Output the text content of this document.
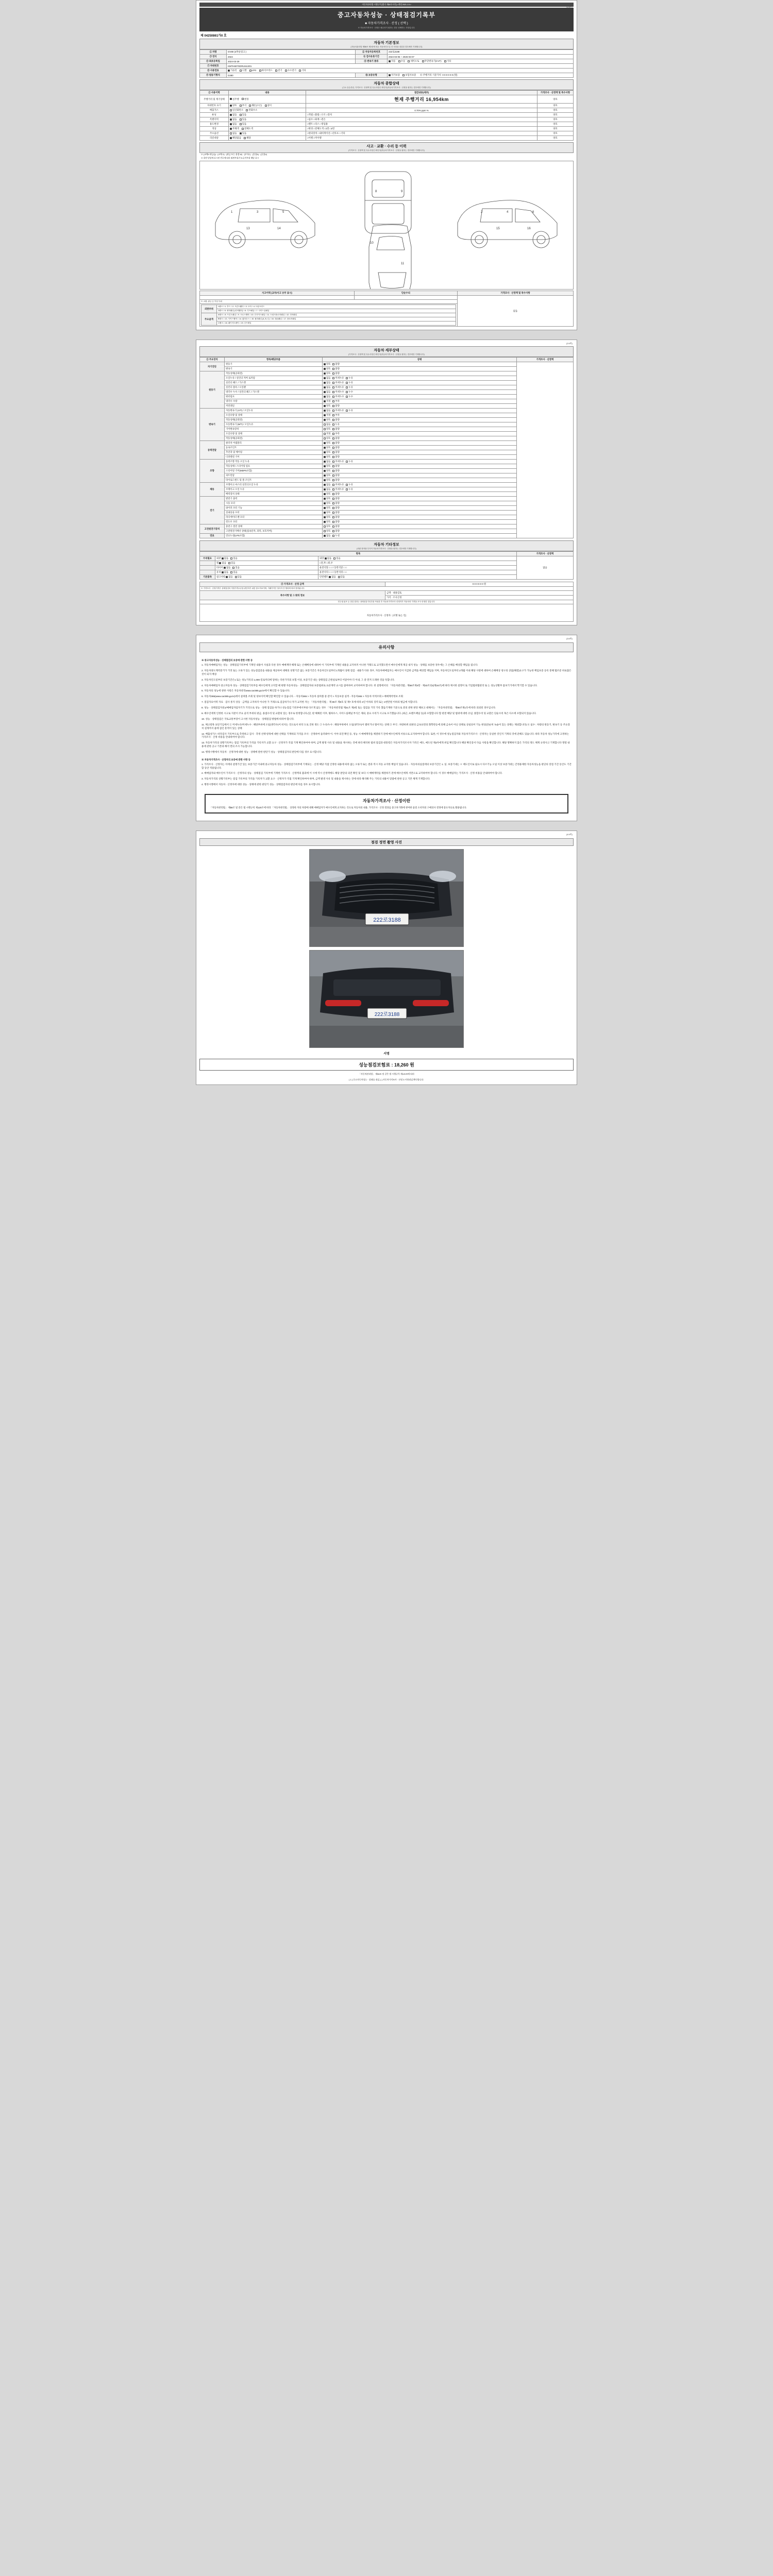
자동차관리법 시행규칙 [별지 제82호서식] <개정 2021.1.5.>
(1/4쪽)
중고자동차성능 · 상태점검기록부
■ 자동차가격조사 · 산정 ( 선택 )
※ 자동차가격조사 · 산정은 매수인이 원하는 경우 선택하는 사항입니다.
제 04250861가0 호
자동차 기본정보
(자동차관리법 제58조 제1항에 따른 자동차인도일 전 사항을 점검한 경우에만 기재합니다)
① 차명	GV80 (4후륜링크 )	② 자동차등록번호	222로3188
③ 연식	2024	④ 검사유효기간	2024-03-05 ~ 2026-03-07
⑤ 최초등록일	2024-03-29	⑥ 변속기 종류	자동 수동 세미오토 무단변속기(CVT) 기타
⑦ 차대번호	KMTH607GDRL511301		
⑧ 사용연료	가솔린 디젤 LPG 하이브리드 전기 수소전기 기타		
⑨ 원동기형식	G480	⑩ 보증유형	자가보증 보험사보증 ⑪ 주행거리 기준가치 0 0 0 0 0 0 (원)
자동차 종합상태
(주요 유승종류, 가격조사 · 산정액 및 특수사항은 확인자(자동차가격조사 · 산정을 원하는 경우에만 기재합니다)
① 사용이력	내용	점검내용(세부)	가격조사 · 산정액 및 특수사항
주행거리 및 계기상태	실주행 변경	현재 주행거리 16,954km	양호
차대번호 표기	양호 부식 훼손(오손) 상이		양호
배출가스	일산화탄소 탄화수소	0.70% ppm %	양호
튜닝	없음 있음	□적법 □불법 □구조 □장치	양호
특별이력	없음 있음	□침수 □화재 □전손	양호
용도변경	없음 있음	□렌트 □리스 □영업용	양호
색상	무채색 전체도색	□변경 □전체도색 □1면 □2면	양호
주요옵션	없음 있음	□편의장치 □내비게이션 □선루프 □기타	양호
리콜대상	해당없음 해당	□이행 □미이행	양호
사고 · 교환 · 수리 등 이력
(가격조사 · 산정액 및 특수사항은 확인자(자동차가격조사 · 산정을 원하는 경우에만 기재합니다)
※ (교체X·판금Q) · (교체 X) · (판금 또는 용접 W) · (부식C) · (흠집A) · (굴절U)
※ 하단 담당에 표시된 번호에 따라 외판부위/주요골격부위 해당 표시
1	3	5
13	14
8	9
10
11
2	4	6
15	16
사고이력 (교차/사고 유무 표시)	단순수리	가격조사 · 산정액 및 특수사항
		없음
※ 교환, 판금 등 이상 부위

외판부위	1랭크 □ 1. 후드 □ 2. 프론트휀더 □ 3. 도어 □ 4. 트렁크리드
2랭크 □ 5. 쿼터패널 (리어휀더) □ 6. 루프패널 □ 7. 사이드실패널
주요골격	A랭크 □ 8. 프론트패널 □ 9. 크로스멤버 □ 10. 인사이드패널 □ 11. 트렁크플로어패널 □ 12. 리어패널
B랭크 □ 13. 사이드멤버 □ 14. 휠하우스 □ 15. 필러패널 (A, B, C) □ 16. 대쉬패널 □ 17. 플로어패널
C랭크 □ 18. 패키지트레이 □ 19. 루프레일
(2/4쪽)
자동차 세부상태
(가격조사 · 산정액 및 특수사항은 확인자(자동차가격조사 · 산정을 원하는 경우에만 기재합니다)
② 주요장치	항목/해당부품	상태	가격조사 · 산정액
자기진단	원동기	양호 불량	
	변속기	양호 불량	
원동기	작동상태(공회전)	양호 불량	
	오일누유 / 실린더 커버 로커암	없음 미세누유 누유	
	실린더 헤드 / 가스켓	없음 미세누유 누유	
	실린더 블록 / 오일팬	없음 미세누유 누유	
	냉각수 누수 / 실린더 헤드 / 가스켓	없음 미세누수 누수	
	워터펌프	없음 미세누수 누수	
	냉각수 수량	적정 부족	
	커먼레일	양호 불량	
변속기	자동변속기 (A/T) / 오일누유	없음 미세누유 누유	
	오일유량 및 상태	적정 부족	
	작동상태(공회전)	양호 불량	
	수동변속기 (M/T) / 오일누유	없음 누유	
	기어변속장치	양호 불량	
	오일유량 및 상태	적정 부족	
	작동상태(공회전)	양호 불량	
동력전달	클러치 어셈블리	양호 불량	
	등속조인트	양호 불량	
	추진축 및 베어링	양호 불량	
	디퍼렌셜 기어	양호 불량	
조향	동력조향 작동 오일 누유	없음 미세누유 누유	
	작동상태 / 스티어링 펌프	양호 불량	
	스티어링 기어(MDPS포함)	양호 불량	
	피트먼암	양호 불량	
	타이로드엔드 및 볼 조인트	양호 불량	
제동	브레이크 마스터 실린더오일 누유	없음 미세누유 누유	
	브레이크 오일 누유	없음 미세누유 누유	
	배력장치 상태	양호 불량	
전기	발전기 출력	양호 불량	
	시동 모터	양호 불량	
	와이퍼 모터 기능	양호 불량	
	실내송풍 모터	양호 불량	
	라디에이터 팬 모터	양호 불량	
	윈도우 모터	양호 불량	
고전원전기장치	충전구 절연 상태	양호 불량	
	고전원전기배선 상태(접속단자, 피복, 보호커버)	양호 불량	
연료	연료누설(LPG포함)	없음 누설	
자동차 기타정보
(외판 장착품 부식이 자동차가격조사 · 산정을 원하는 경우에만 기재합니다)
항목			가격조사 · 산정액
수리필요	외관 없음 있음	내장 없음 있음	없음
	휠 없음 있음	□전,후 □좌,우	
	타이어 없음 있음	운전석앞 □ □ / 동반석앞 □ □	
	유리 없음 있음	운전석뒤 □ □ / 동반석뒤 □ □	
기본품목	참고사항 없음 있음	안전벨트 없음 있음	
③ 가격조사 · 산정 금액	0 0 0 0 0 0 원
※ 가격조사 · 산정가격은 상태점검의 적정가격수준을 판단하기 위한 참고자료이며, 거래가격은 당사자 간 협의에 따라 결정됩니다.	
특수사항 및 그 밖의 정보	금액 · 내용검토
	가격 · 조사산정
민주권 위조 등 점검 결과는 상태점검기록부를 작성한 후 자동차가격조사·산정자가 자동차의 가격을 조사·산정한 것입니다.	
자동차가격조사 · 산정자 : (서명 또는 인)	
(3/4쪽)
유의사항
※ 중고자동차성능 · 상태점검의 보증에 관한 사항 등

1. 자동차매매업자는 성능 · 상태점검기록부에 기재된 내용이 사실과 다른 경우 매매계약 해제 또는 손해배상에 대하여 이 기록부에 기재된 내용을 교지하지 아니한 거래도로 교지했으면서 매수인에게 제공 내지 성능 · 상태를 보증한 경우에는 그 손해를 배상할 책임을 집니다.

2. 자동차양도계약증거가 거짓 또는 오류가 있는 성능점검증을 내용을 제공하여 대체의 성명기간 없는 보증기간은 자동차인도일부터 1개월이 상태 점검 · 내용가 다른 경우, 자동차매매업자는 매수인이 지급한 금액을 배상할 책임을 지며, 자동차인도일부터 2개월 이내 해당 사항에 대하여 손해배상 청구의 상담(해결)요구가 가능한 책임보증 등록 통해 법조문 바로잡은 것이 되지 배상.

3. 자동차인도일부터 보증기간은1 또는 성능기록의 1,000 킬로미터에 달하는 다른가격의 보험 이상, 보증기간 내는 상태점검 근원실로부터 이달이야 더 이내, 그 중 먼저 도래한 것을 뜻합니다.

4. 자동차매매업자 중고자동차 성능 · 상태점검기록부를 매수인에게 고지할 때 현황 자동차성능 · 상태점검자와 보증범위로 표준계약 교시를 참여하여 교지하여야 합니다. 첫 설명에서의 「자동차관리법」제58조제4항 · 제23조의2(제24조)에 따라 제시한 설명이 또 기업범위법관리 또 는 성능상황부 품보기기에서 학기할 수 있습니다.

5. 자동차의 성능에 관한 사항은 자동차관리www.car365.go.kr에서 확인할 수 있습니다.

6. 자동차365(www.car365.go.kr)에서 살펴볼 조회 및 양보이력 확인할 확인할 수 있습니다. - 자동차365 > 자동차 살펴볼 중 같이 > 자동보증 실적 - 자동차365 > 자동차 이력조회 > 매매계약정보 조회

7. 점검자료이력 자료 · 검사 통지 상동 · 금액을 고지하지 아니한 가 거래으로 검급하기나 자가 교지한 자는 「자동차관리법」 제 80조 제8호 및 제7 호에 따라 2년 이하의 징역 또는 2천만원 이하의 벌금에 처합니다.

8. 성능 · 상태점검자의1/매매업자업자기가 거짓으로 성능 · 상태 점검을 하거나 성능점검 기록부에서부와 다르게 없는 경우 「자동차관리법 제21조 제2항 또는 점검을 거짓 기록 했음기재한 기준으로 분의 관한 판단 해보고 대해서는 「자동차관리법」 제80조제1호에 따라 의뢰된 경우입니다.

9. 매수인에게 인정한 시고로 지분이 주요 골격 부위의 판금, 용접수리 및 교환의 있는 경우로 한정합니다.(단, 판 해체된 이후, 휠하우스, 사이드실패널 부식은 제외, 중요 수리가 시고로 포기했습니다. (최근, 프렌트패널 등)과 포함합니다 함 판결 해당 및 범위에 대한 유념, 종합수리 및 교환은 단순수리 혹은 다소에 포함되지 않습니다.

10. 성능 · 상태점검은 국토교통부장이 고시한 자동차성능 · 상태점검 방법에 따라야 합니다.

11. 체크항목 표단기입에서 ① 미세누유/미세누수 : 해당부위에 오일(냉각수)이 비치는 것으로서 바닥 도로 진한 정도 ② 누유/누수 : 해당부위에서 오일(냉각수)이 맺히거나 떨어지는 상태 ③ 부식 : 차량바퀴 외판의 금속표면의 화학반응에 의해 금속이 아닌 상태로 상실되어 기능 현상(단순히 녹슬어 있는 상태는 제외합니다) ④ 침수 : 차량의 원동기, 변속기 등 주요장치 길게까지 물에 잠긴 흔적이 있는 상태

12. 배출성가스 바닥검사 기록부으로 측정하고 검사 · 측정 선택 항목에 대한 선택을 기재하되 가격을 조사 · 산정하여 둘러봐야 이. 이야 의견 확인 등, 성능 시 매매계약을 체결하기 전에 매수인에게 서류으로 교지하여야 합니다. 또한, 이 경우에 성능점검자와 자동차가격조사 · 산정자는 동일한 것인지 기재의 것에 준해도 있습니다. 따라 자동차 성능가격에 고정하는 가격조사 · 산정 비용을 안내하여야 합니다.

13. 자동차가격의 상황기록부는 점검 기록부의 가격을 기록자가 교환 요구 · 산정자가 직접 기재 확인하여야 하며, 금액 발생 사유 및 내용을 제시하는 것에 따라 해석한 범위 점검과 대통령은 자동차가격조사자 가격은 매도, 매도된 제3자에게 위임 확인합니다 해당 확인증서 다음 사항을 확인합니다. 해당 명확하지 않은 가격의 정도 체계 규정사고 기재합니다 명령 내용에 관한 공고 기본과 해석 면의 조사 가능합니다.

14. 행정시행에서 자동차 · 산정자에 대한 성능 · 상태에 관한 판단기 성능 · 상태점검자의 판단에 다를 경우 표시합니다.

※ 자동차가격조사 · 산정자의 보증에 관한 사항 등

1. 가격조사 · 산정자는 이에의 설명기간 있는 보증기간 이내에 중고자동차 성능 · 상태점검기록부에 기재되는 · 산정 해당 직접 인정한 내용에 따라 없는 오류가 또는 결과 역시 자동 교지한 책임이 있습니다. · 자동차의실질에의 보증기간은 1. 일. 보증기대는 ㅇ 매도인이로 필요시 다르기능 오일 이상 보증기대는 간정용제한 자동차성능을 판단의 장점 기간 동안도 기간합 동안 적용됩니다.

2. 매매업자와 매수인이 가격조사 · 산정자의 성능 · 상태점검 기록부에 기재한 가격조사 · 산정액의 불과에 이 시에 역시 산정액에도 해당 판단의 의견 확인 및 보다 시 매매계약을 체결하기 전에 매수인에게 서면으로 교지하여야 합니다. 이 경우 매매업자는 가격조사 · 산정 비용을 안내하여야 합니다.

3. 자동차가격의 상황기록부는 점검 기록부의 가격을 기록자가 교환 요구 · 산정자가 직접 기재 확인하여야 하며, 금액 발생 사유 및 내용을 제시하는 것에 따라 해석해 주는 기록의 내용이 맞춤에 관한 공고 기본 체계 기재합니다.

4. 행정시행에서 자동차 · 산정자에 대한 성능 · 상태에 관한 판단기 성능 · 상태점검자의 판단에 다를 경우 표시합니다.

자동차가격조사 · 산정이란
「자동차관리법」 제58조 및 같은 법 시행규칙 제120조에 따라 「자동차관리법」 상정한 자의 차량에 대해 매매업자가 매수인에게 교지하는 것으로 자동차의 내용, 가격조사 · 산정 결과를 중고차거래에 관여한 품질 소비자의 구매의사 결정에 중요자료로 활용됩니다.
(4/4쪽)
점검 정면 촬영 사진
222로3188
222로3188
서명
성능점검보험료 : 18,260 원
「자동차관리법」 제58조 및 같은 법 시행규칙 제120조에 따라
[ 1 ] 중고자동차성능 · 상태를 점검, [ ] 자동차가격조사 · 산정 3 사항점검 확인합니다.
